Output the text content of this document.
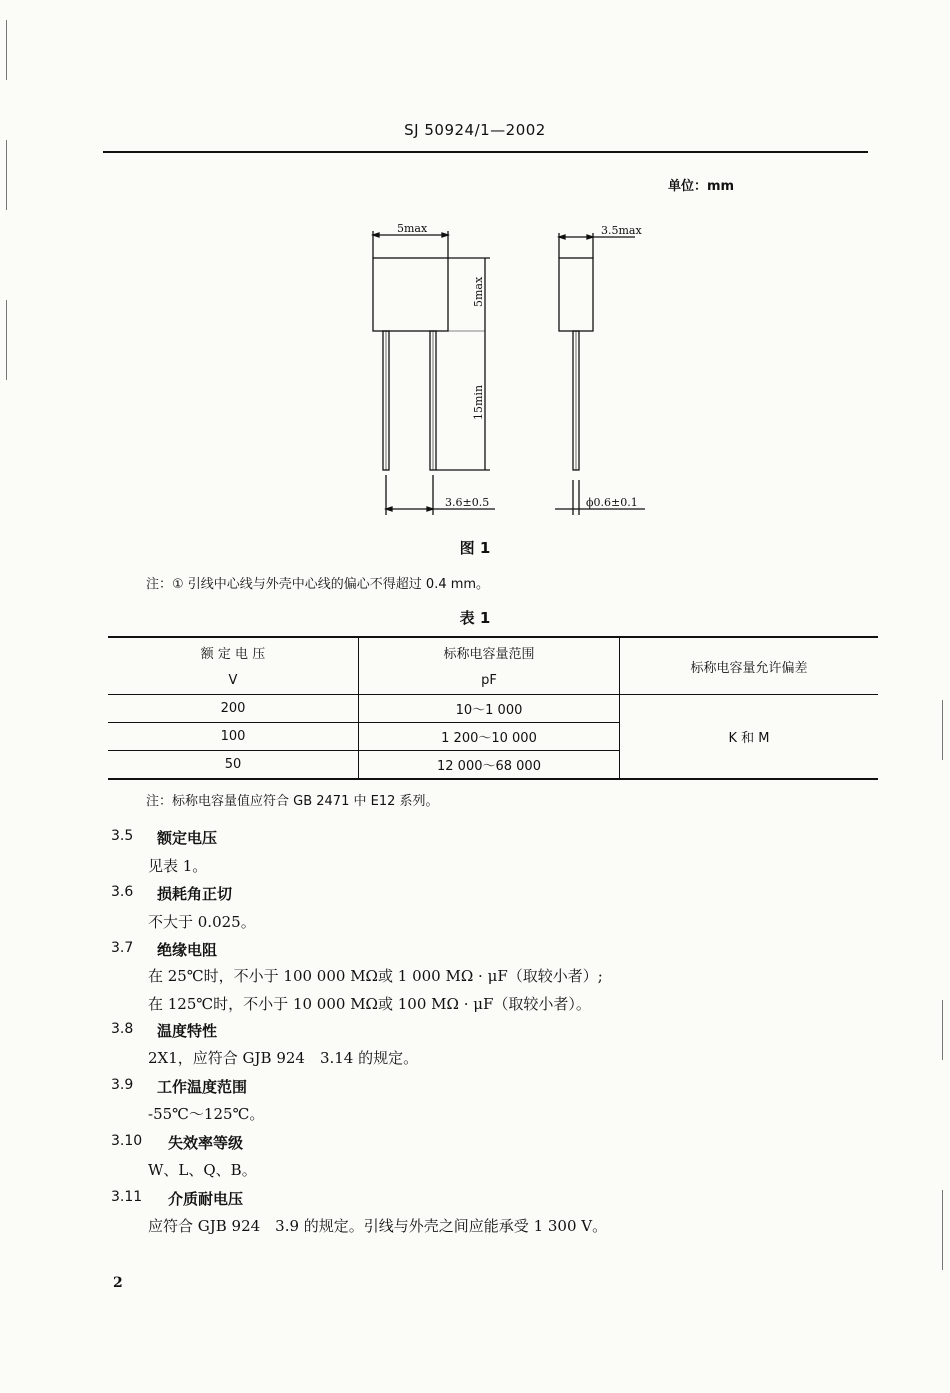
SJ 50924/1—2002
单位：mm
5max
5max
15min
3.6±0.5
3.5max
ϕ0.6±0.1
图 1
注：① 引线中心线与外壳中心线的偏心不得超过 0.4 mm。
表 1
额 定 电 压	标称电容量范围	标称电容量允许偏差
V	pF	
200	10～1 000	K 和 M
100	1 200～10 000	
50	12 000～68 000	
注：标称电容量值应符合 GB 2471 中 E12 系列。
3.5 额定电压
见表 1。
3.6 损耗角正切
不大于 0.025。
3.7 绝缘电阻
在 25℃时，不小于 100 000 MΩ或 1 000 MΩ · μF（取较小者）;
在 125℃时，不小于 10 000 MΩ或 100 MΩ · μF（取较小者）。
3.8 温度特性
2X1，应符合 GJB 924　3.14 的规定。
3.9 工作温度范围
-55℃～125℃。
3.10 失效率等级
W、L、Q、B。
3.11 介质耐电压
应符合 GJB 924　3.9 的规定。引线与外壳之间应能承受 1 300 V。
2
